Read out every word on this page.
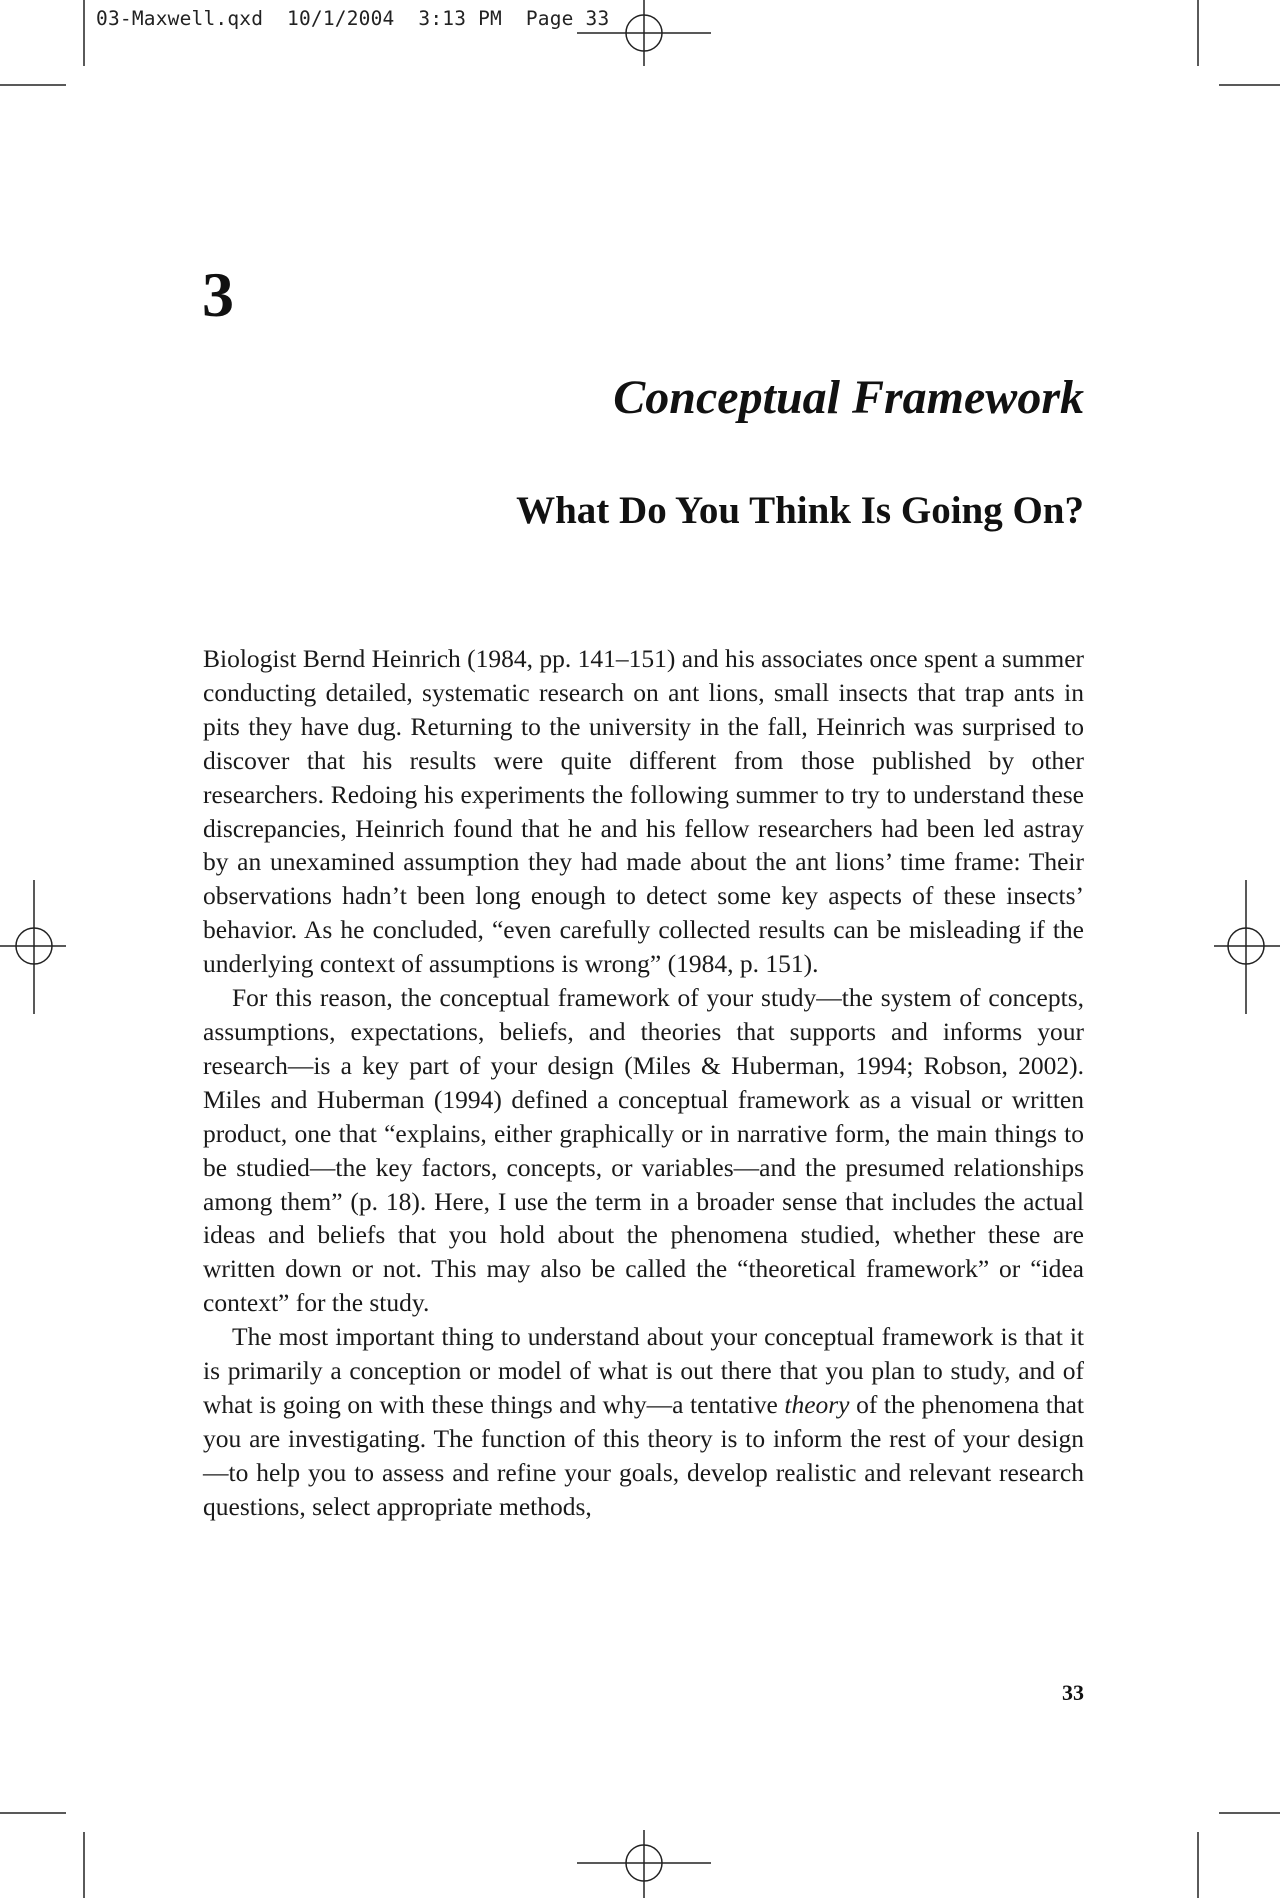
03-Maxwell.qxd  10/1/2004  3:13 PM  Page 33
3
Conceptual Framework
What Do You Think Is Going On?

Biologist Bernd Heinrich (1984, pp. 141–151) and his associates once spent a summer conducting detailed, systematic research on ant lions, small insects that trap ants in pits they have dug. Returning to the university in the fall, Heinrich was surprised to discover that his results were quite different from those published by other researchers. Redoing his experiments the following summer to try to understand these discrepancies, Heinrich found that he and his fellow researchers had been led astray by an unexamined assumption they had made about the ant lions’ time frame: Their observations hadn’t been long enough to detect some key aspects of these insects’ behavior. As he concluded, “even carefully collected results can be misleading if the underlying context of assumptions is wrong” (1984, p. 151).

For this reason, the conceptual framework of your study—the system of concepts, assumptions, expectations, beliefs, and theories that supports and informs your research—is a key part of your design (Miles & Huberman, 1994; Robson, 2002). Miles and Huberman (1994) defined a conceptual framework as a visual or written product, one that “explains, either graphically or in narrative form, the main things to be studied—the key factors, concepts, or variables—and the presumed relationships among them” (p. 18). Here, I use the term in a broader sense that includes the actual ideas and beliefs that you hold about the phenomena studied, whether these are written down or not. This may also be called the “theoretical framework” or “idea context” for the study.

The most important thing to understand about your conceptual framework is that it is primarily a conception or model of what is out there that you plan to study, and of what is going on with these things and why—a tentative theory of the phenomena that you are investigating. The function of this theory is to inform the rest of your design—to help you to assess and refine your goals, develop realistic and relevant research questions, select appropriate methods,

33
